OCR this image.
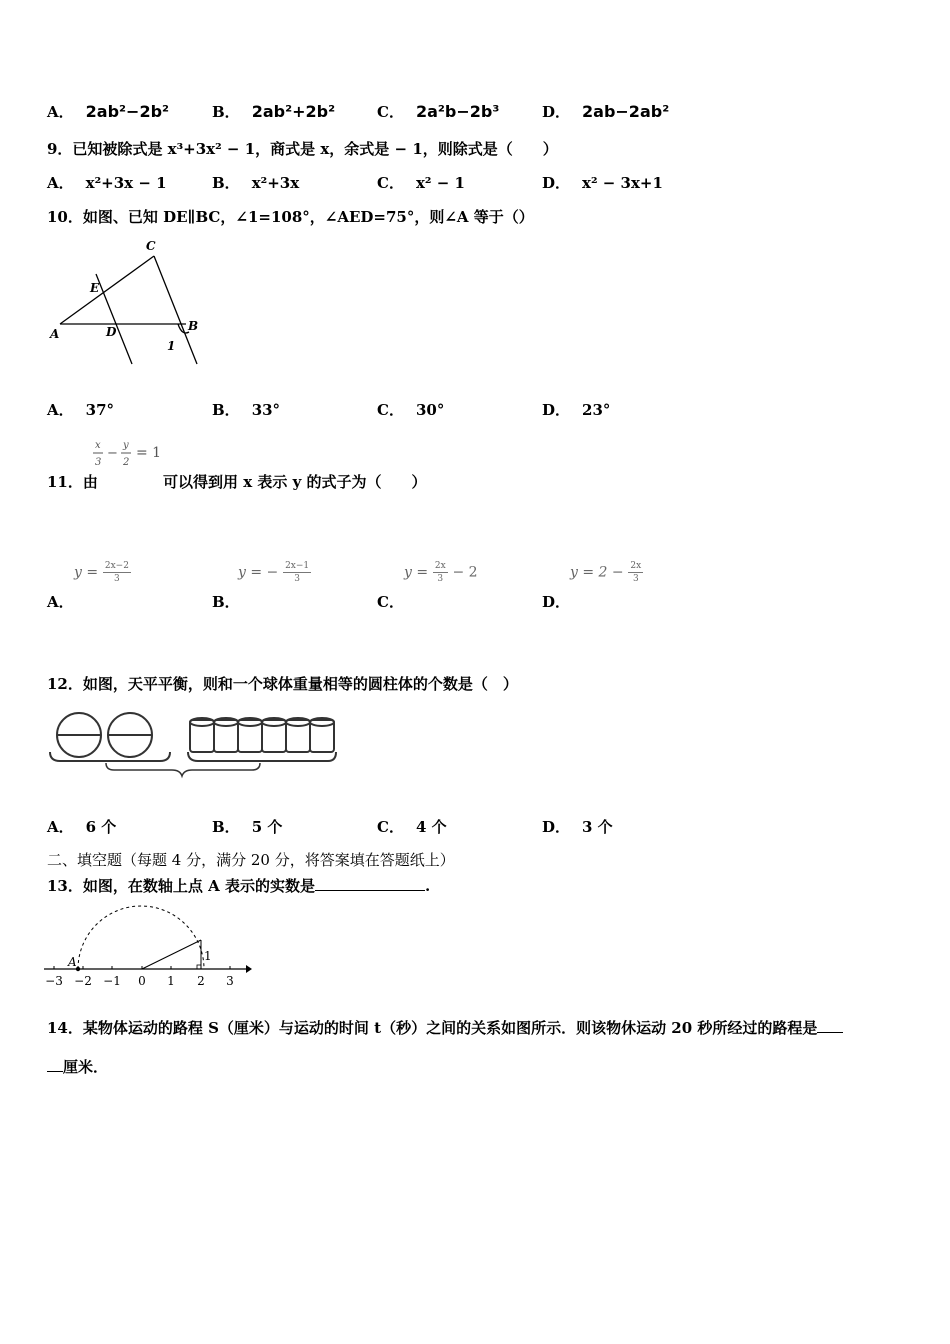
A． 2ab²−2b²	B． 2ab²+2b²	C． 2a²b−2b³	D． 2ab−2ab²
9．已知被除式是 x³+3x² − 1，商式是 x，余式是 − 1，则除式是（　　）
A． x²+3x − 1	B． x²+3x	C． x² − 1	D． x² − 3x+1
10．如图、已知 DE∥BC，∠1=108°，∠AED=75°，则∠A 等于（）
C
E
A	D	B
1
A． 37°	B． 33°	C． 30°	D． 23°
x
3
y
2
− = 1
11．由	可以得到用 x 表示 y 的式子为（　　）
$y = \frac{2x-2}{3}$
A．
y = − $\frac{2x-1}{3}$
B．
$y = \frac{2x}{3} - 2$
C．
$y = 2 - \frac{2x}{3}$
D．
12．如图，天平平衡，则和一个球体重量相等的圆柱体的个数是（　）
A． 6 个	B． 5 个	C． 4 个	D． 3 个
二、填空题（每题 4 分，满分 20 分，将答案填在答题纸上）
13．如图，在数轴上点 A 表示的实数是	.
−3 −2 −1 0 1 2 3
A	1
14．某物体运动的路程 S（厘米）与运动的时间 t（秒）之间的关系如图所示．则该物休运动 20 秒所经过的路程是
厘米．
